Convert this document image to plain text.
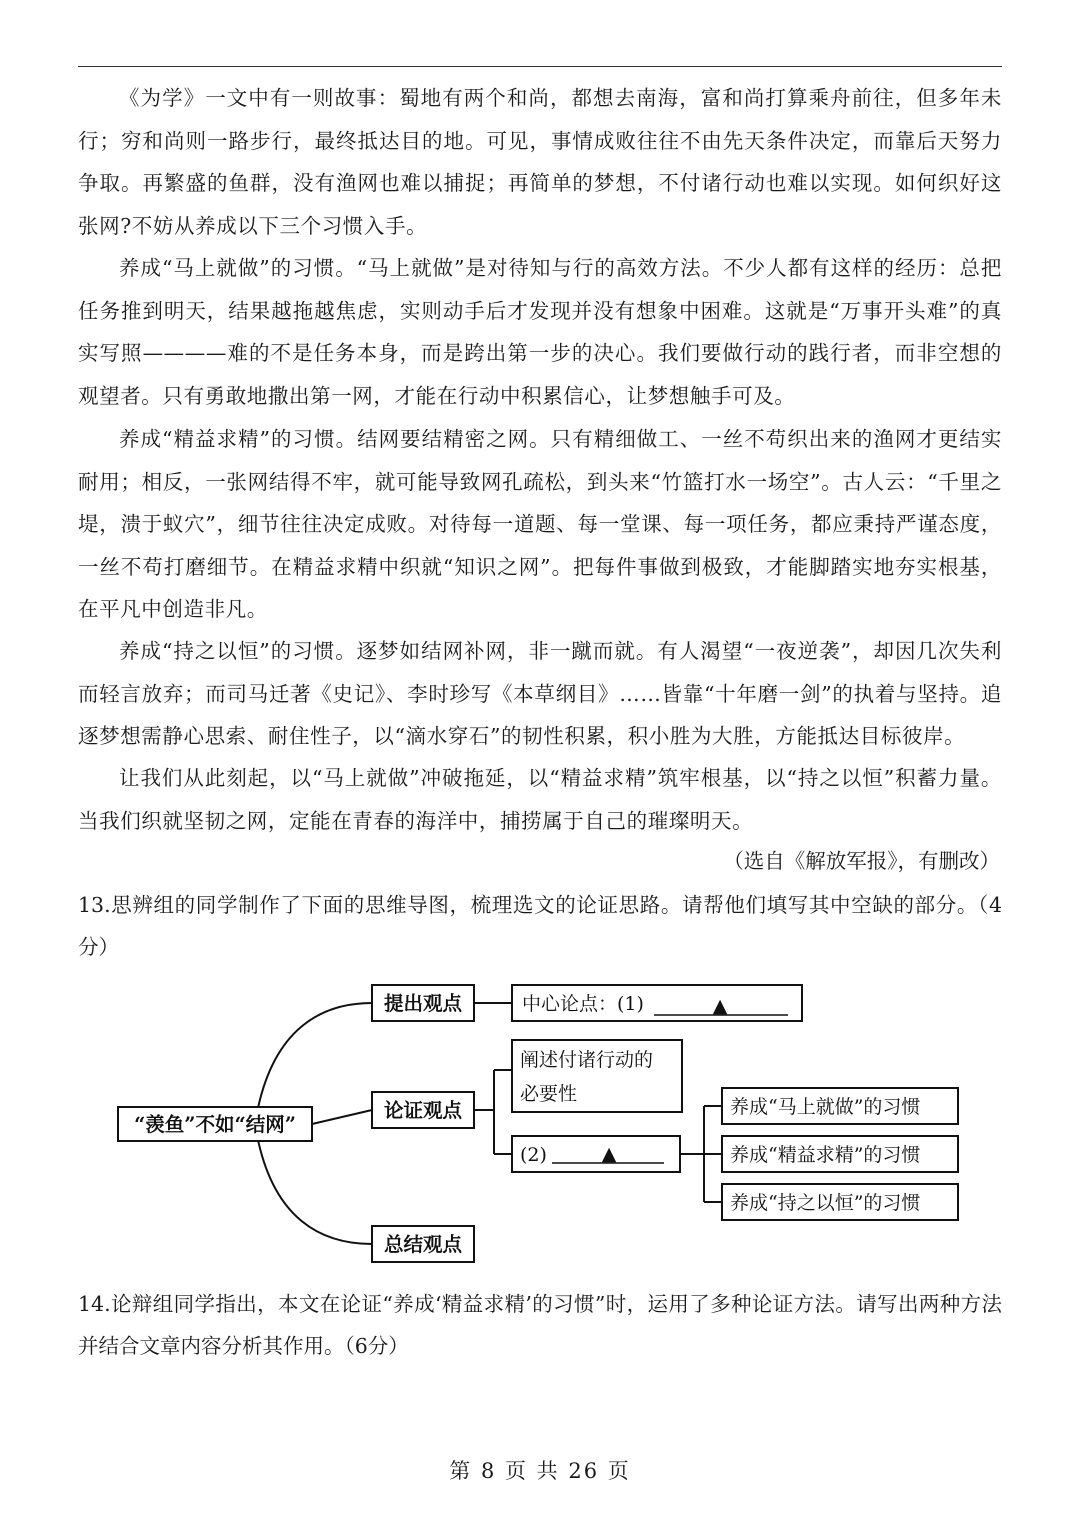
《为学》一文中有一则故事：蜀地有两个和尚，都想去南海，富和尚打算乘舟前往，但多年未行；穷和尚则一路步行，最终抵达目的地。可见，事情成败往往不由先天条件决定，而靠后天努力争取。再繁盛的鱼群，没有渔网也难以捕捉；再简单的梦想，不付诸行动也难以实现。如何织好这张网?不妨从养成以下三个习惯入手。

养成“马上就做”的习惯。“马上就做”是对待知与行的高效方法。不少人都有这样的经历：总把任务推到明天，结果越拖越焦虑，实则动手后才发现并没有想象中困难。这就是“万事开头难”的真实写照————难的不是任务本身，而是跨出第一步的决心。我们要做行动的践行者，而非空想的观望者。只有勇敢地撒出第一网，才能在行动中积累信心，让梦想触手可及。

养成“精益求精”的习惯。结网要结精密之网。只有精细做工、一丝不苟织出来的渔网才更结实耐用；相反，一张网结得不牢，就可能导致网孔疏松，到头来“竹篮打水一场空”。古人云：“千里之堤，溃于蚁穴”，细节往往决定成败。对待每一道题、每一堂课、每一项任务，都应秉持严谨态度，一丝不苟打磨细节。在精益求精中织就“知识之网”。把每件事做到极致，才能脚踏实地夯实根基，在平凡中创造非凡。

养成“持之以恒”的习惯。逐梦如结网补网，非一蹴而就。有人渴望“一夜逆袭”，却因几次失利而轻言放弃；而司马迁著《史记》、李时珍写《本草纲目》……皆靠“十年磨一剑”的执着与坚持。追逐梦想需静心思索、耐住性子，以“滴水穿石”的韧性积累，积小胜为大胜，方能抵达目标彼岸。

让我们从此刻起，以“马上就做”冲破拖延，以“精益求精”筑牢根基，以“持之以恒”积蓄力量。当我们织就坚韧之网，定能在青春的海洋中，捕捞属于自己的璀璨明天。

（选自《解放军报》，有删改）

13.思辨组的同学制作了下面的思维导图，梳理选文的论证思路。请帮他们填写其中空缺的部分。（4分）

“羡鱼”不如“结网”
提出观点
论证观点
总结观点
中心论点：(1)	▲
阐述付诸行动的
必要性
(2)	▲
养成“马上就做”的习惯
养成“精益求精”的习惯
养成“持之以恒”的习惯

14.论辩组同学指出，本文在论证“养成‘精益求精’的习惯”时，运用了多种论证方法。请写出两种方法并结合文章内容分析其作用。（6分）

第 8 页 共 26 页
